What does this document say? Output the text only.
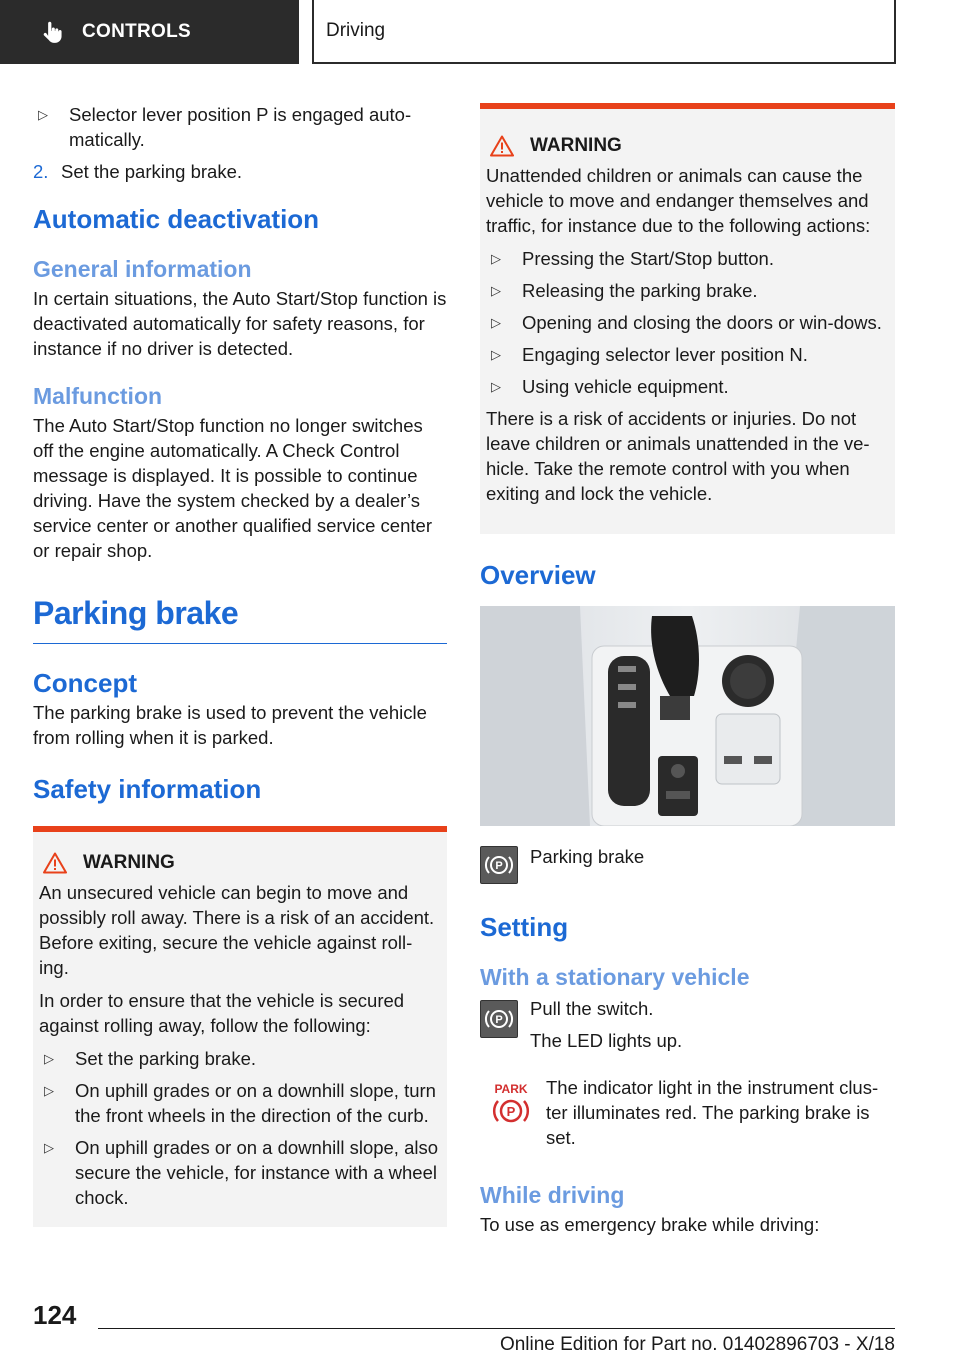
CONTROLS	Driving
▷ Selector lever position P is engaged auto-matically.
2. Set the parking brake.
Automatic deactivation
General information

In certain situations, the Auto Start/Stop function is deactivated automatically for safety reasons, for instance if no driver is detected.

Malfunction

The Auto Start/Stop function no longer switches off the engine automatically. A Check Control message is displayed. It is possible to continue driving. Have the system checked by a dealer’s service center or another qualified service center or repair shop.

Parking brake
Concept

The parking brake is used to prevent the vehicle from rolling when it is parked.

Safety information
WARNING

An unsecured vehicle can begin to move and possibly roll away. There is a risk of an accident. Before exiting, secure the vehicle against roll-ing.

In order to ensure that the vehicle is secured against rolling away, follow the following:

▷ Set the parking brake.
▷ On uphill grades or on a downhill slope, turn the front wheels in the direction of the curb.
▷ On uphill grades or on a downhill slope, also secure the vehicle, for instance with a wheel chock.
WARNING

Unattended children or animals can cause the vehicle to move and endanger themselves and traffic, for instance due to the following actions:

▷ Pressing the Start/Stop button.
▷ Releasing the parking brake.
▷ Opening and closing the doors or win-dows.
▷ Engaging selector lever position N.
▷ Using vehicle equipment.

There is a risk of accidents or injuries. Do not leave children or animals unattended in the ve-hicle. Take the remote control with you when exiting and lock the vehicle.

Overview
P Parking brake

Setting
With a stationary vehicle
P

Pull the switch.

The LED lights up.

PARK
P

The indicator light in the instrument clus-ter illuminates red. The parking brake is set.

While driving

To use as emergency brake while driving:

124
Online Edition for Part no. 01402896703 - X/18
